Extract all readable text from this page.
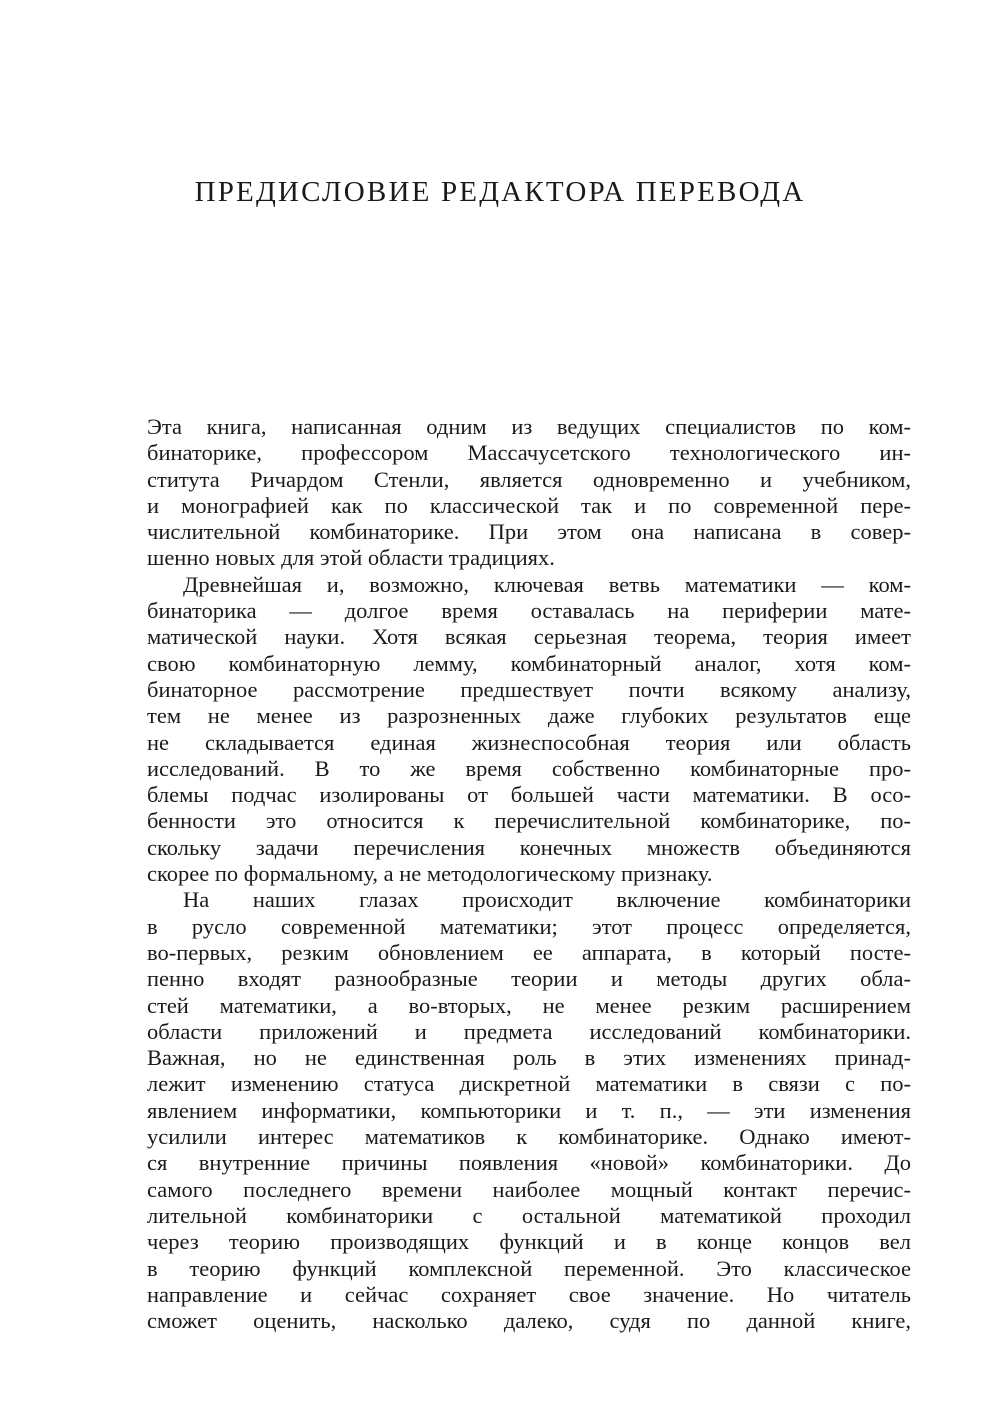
ПРЕДИСЛОВИЕ РЕДАКТОРА ПЕРЕВОДА
Эта книга, написанная одним из ведущих специалистов по ком-
бинаторике, профессором Массачусетского технологического ин-
ститута Ричардом Стенли, является одновременно и учебником,
и монографией как по классической так и по современной пере-
числительной комбинаторике. При этом она написана в совер-
шенно новых для этой области традициях.
Древнейшая и, возможно, ключевая ветвь математики — ком-
бинаторика — долгое время оставалась на периферии мате-
матической науки. Хотя всякая серьезная теорема, теория имеет
свою комбинаторную лемму, комбинаторный аналог, хотя ком-
бинаторное рассмотрение предшествует почти всякому анализу,
тем не менее из разрозненных даже глубоких результатов еще
не складывается единая жизнеспособная теория или область
исследований. В то же время собственно комбинаторные про-
блемы подчас изолированы от большей части математики. В осо-
бенности это относится к перечислительной комбинаторике, по-
скольку задачи перечисления конечных множеств объединяются
скорее по формальному, а не методологическому признаку.
На наших глазах происходит включение комбинаторики
в русло современной математики; этот процесс определяется,
во-первых, резким обновлением ее аппарата, в который посте-
пенно входят разнообразные теории и методы других обла-
стей математики, а во-вторых, не менее резким расширением
области приложений и предмета исследований комбинаторики.
Важная, но не единственная роль в этих изменениях принад-
лежит изменению статуса дискретной математики в связи с по-
явлением информатики, компьюторики и т. п., — эти изменения
усилили интерес математиков к комбинаторике. Однако имеют-
ся внутренние причины появления «новой» комбинаторики. До
самого последнего времени наиболее мощный контакт перечис-
лительной комбинаторики с остальной математикой проходил
через теорию производящих функций и в конце концов вел
в теорию функций комплексной переменной. Это классическое
направление и сейчас сохраняет свое значение. Но читатель
сможет оценить, насколько далеко, судя по данной книге,
